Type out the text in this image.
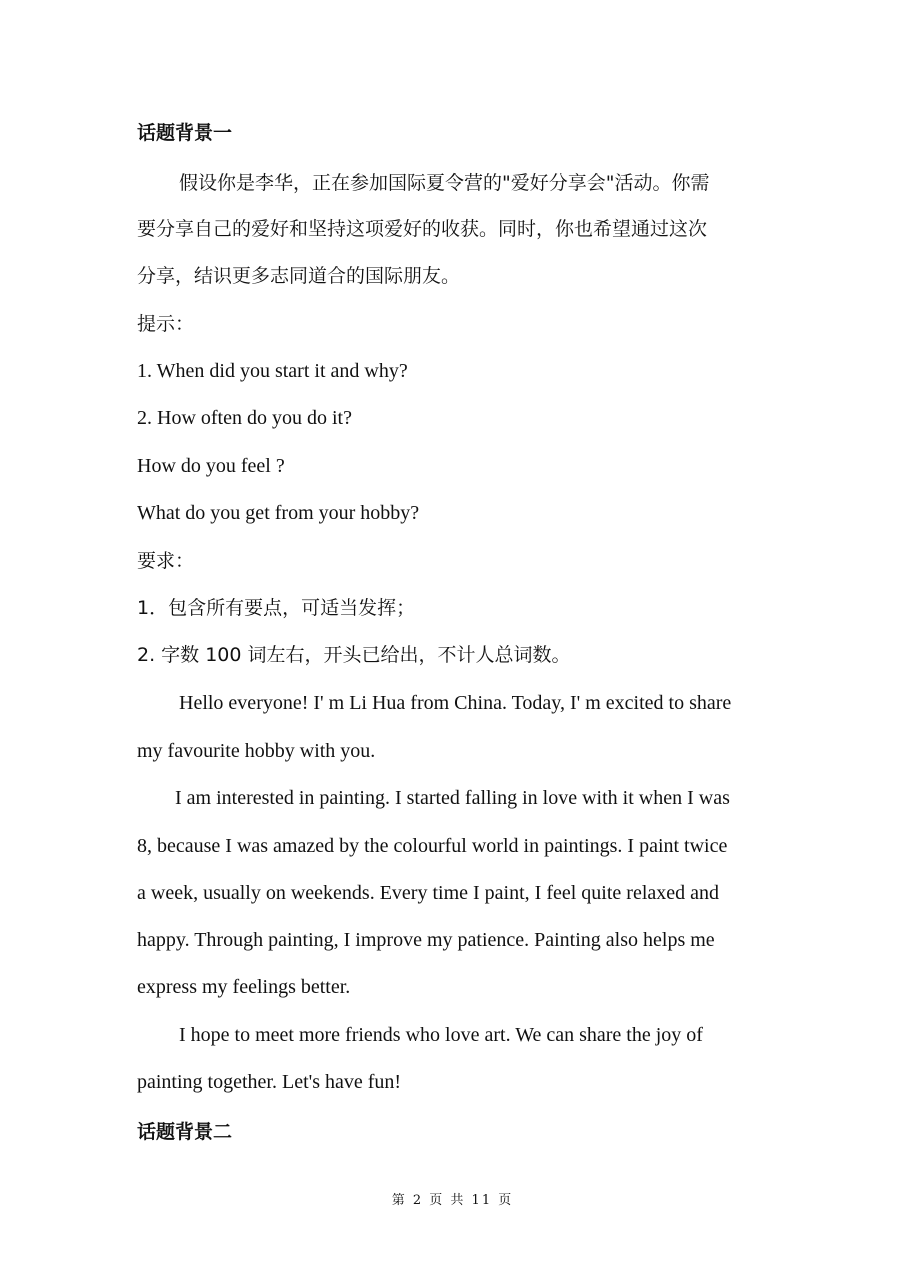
话题背景一
假设你是李华，正在参加国际夏令营的"爱好分享会"活动。你需
要分享自己的爱好和坚持这项爱好的收获。同时，你也希望通过这次
分享，结识更多志同道合的国际朋友。
提示：
1. When did you start it and why?
2. How often do you do it?
How do you feel ?
What do you get from your hobby?
要求：
1．包含所有要点，可适当发挥；
2. 字数 100 词左右，开头已给出，不计人总词数。
Hello everyone! I' m Li Hua from China. Today, I' m excited to share
my favourite hobby with you.
I am interested in painting. I started falling in love with it when I was
8, because I was amazed by the colourful world in paintings. I paint twice
a week, usually on weekends. Every time I paint, I feel quite relaxed and
happy. Through painting, I improve my patience. Painting also helps me
express my feelings better.
I hope to meet more friends who love art. We can share the joy of
painting together. Let's have fun!
话题背景二
第 2 页 共 11 页
